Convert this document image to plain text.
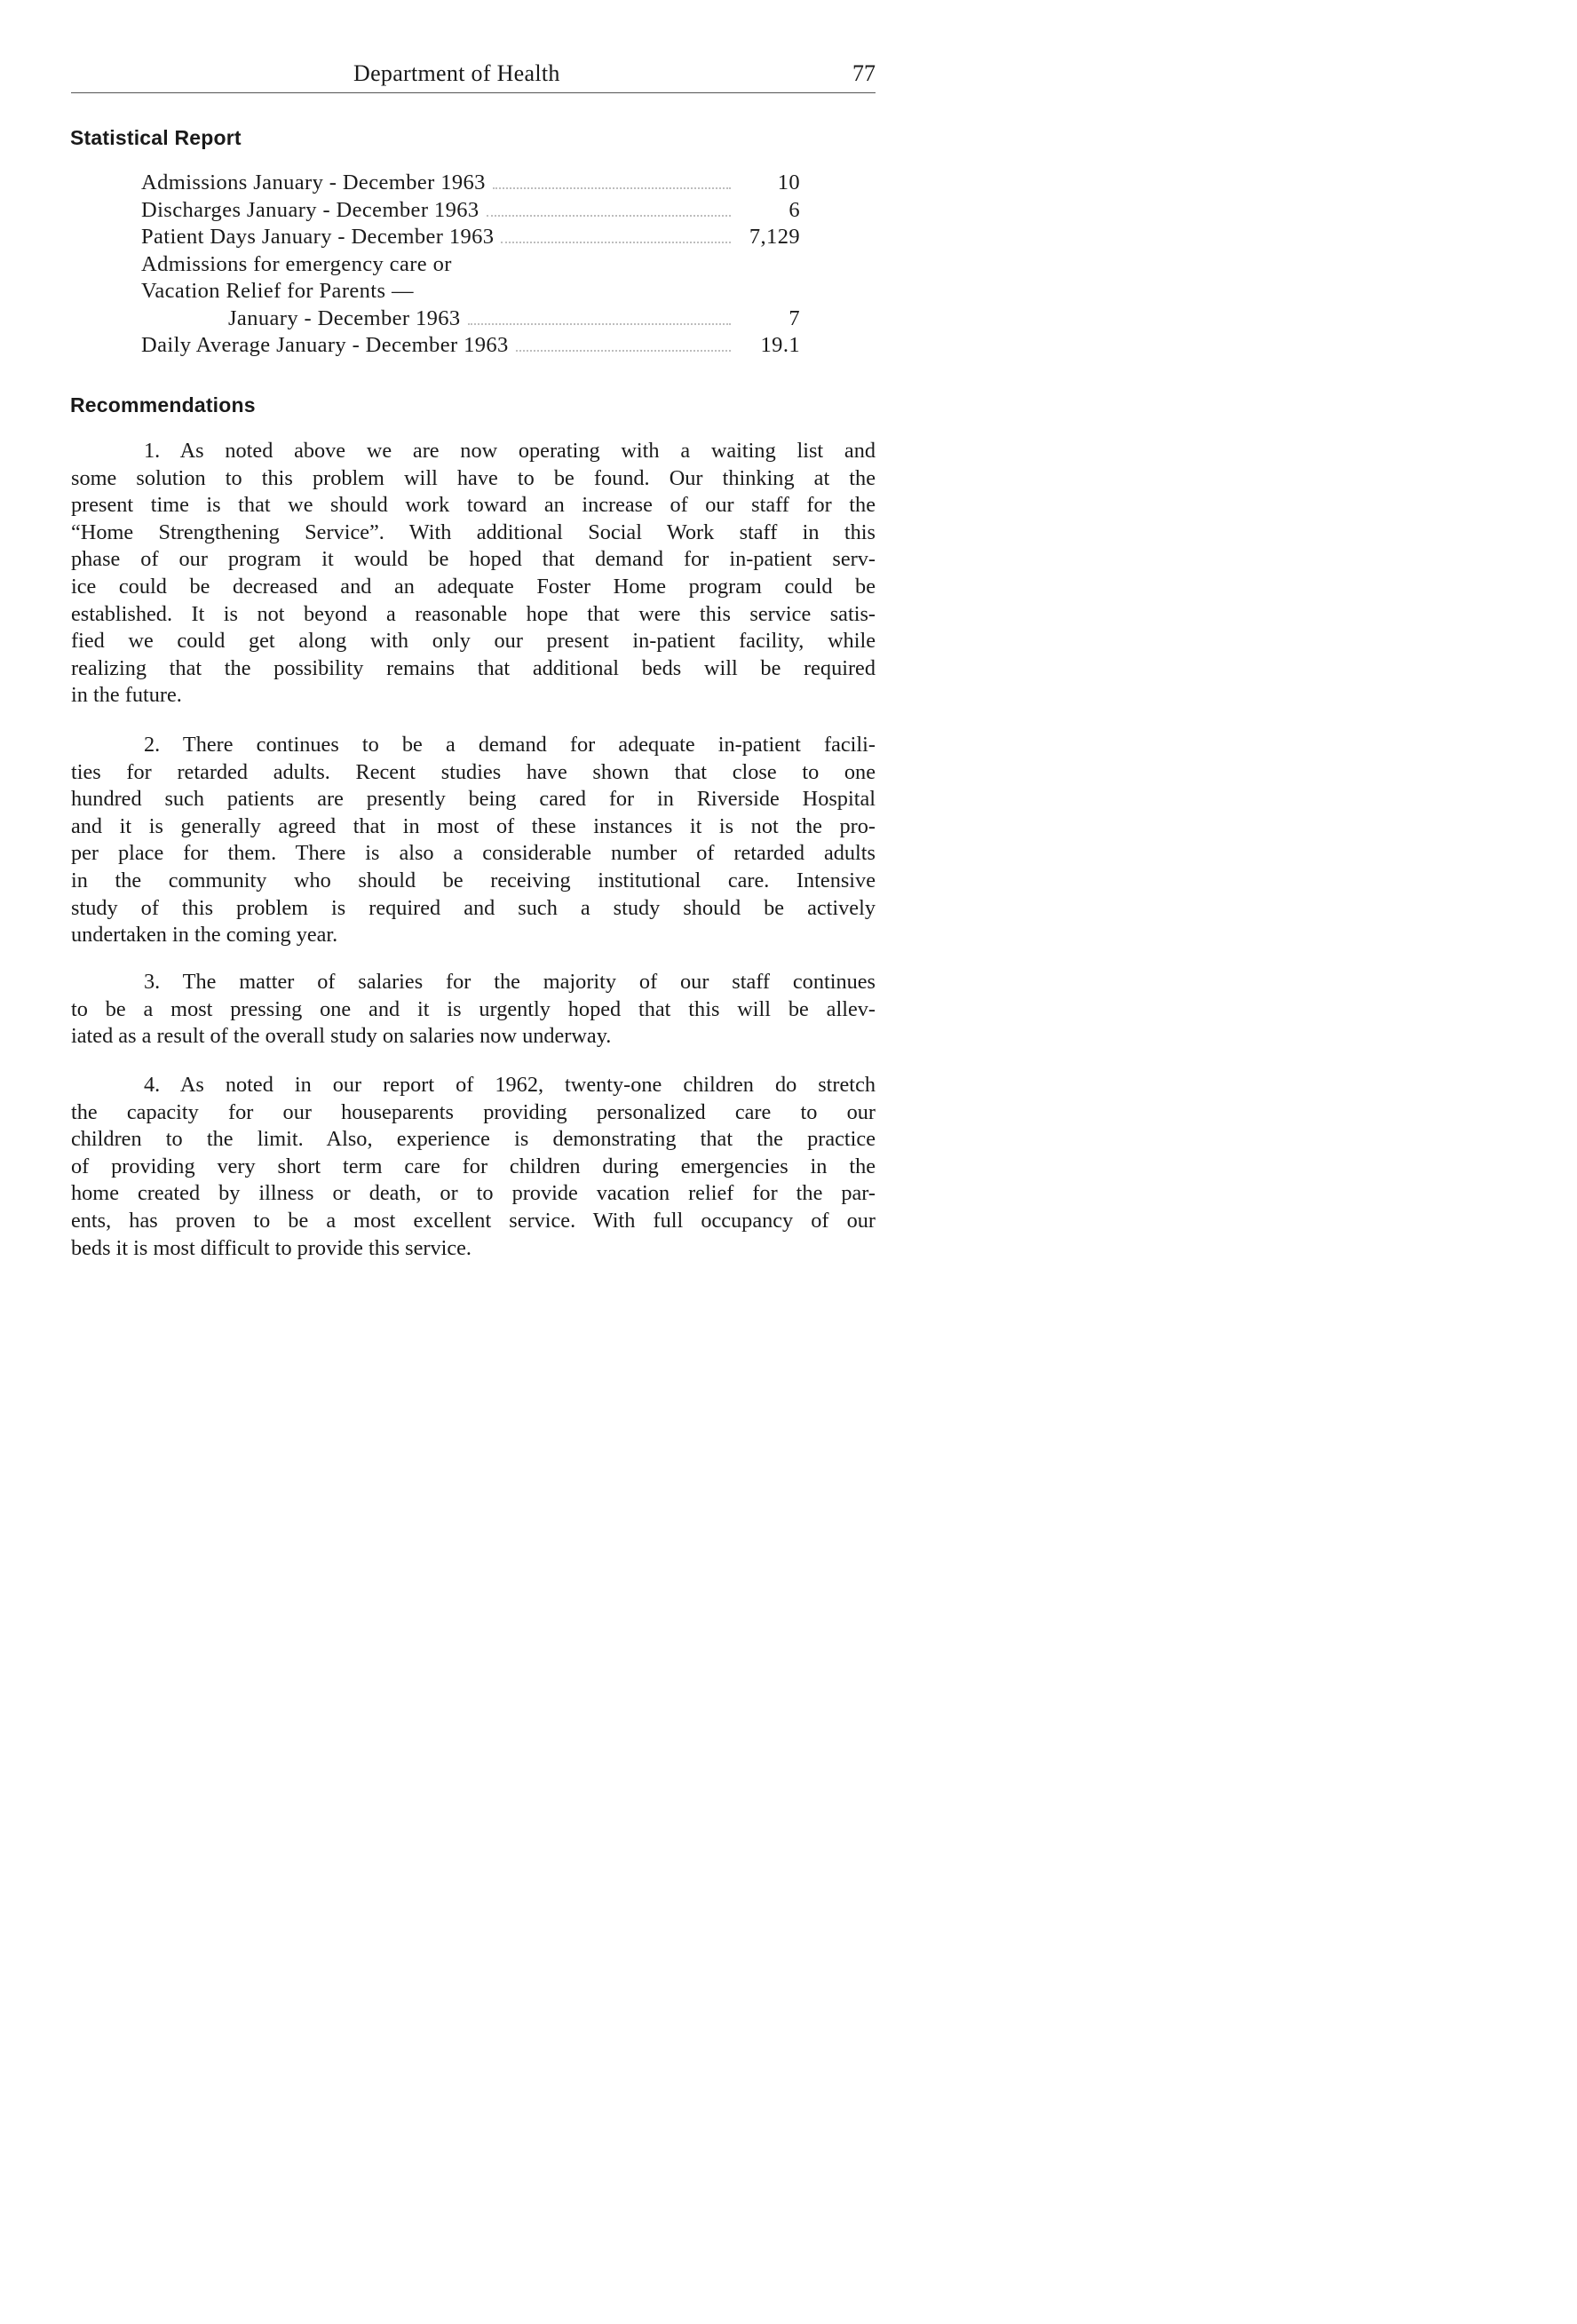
Department of Health	77
Statistical Report
Admissions January - December 1963	10
Discharges January - December 1963	6
Patient Days January - December 1963	7,129
Admissions for emergency care or
Vacation Relief for Parents —
January - December 1963	7
Daily Average January - December 1963	19.1
Recommendations
1. As noted above we are now operating with a waiting list and
some solution to this problem will have to be found. Our thinking at the
present time is that we should work toward an increase of our staff for the
“Home Strengthening Service”. With additional Social Work staff in this
phase of our program it would be hoped that demand for in-patient serv-
ice could be decreased and an adequate Foster Home program could be
established. It is not beyond a reasonable hope that were this service satis-
fied we could get along with only our present in-patient facility, while
realizing that the possibility remains that additional beds will be required
in the future.
2. There continues to be a demand for adequate in-patient facili-
ties for retarded adults. Recent studies have shown that close to one
hundred such patients are presently being cared for in Riverside Hospital
and it is generally agreed that in most of these instances it is not the pro-
per place for them. There is also a considerable number of retarded adults
in the community who should be receiving institutional care. Intensive
study of this problem is required and such a study should be actively
undertaken in the coming year.
3. The matter of salaries for the majority of our staff continues
to be a most pressing one and it is urgently hoped that this will be allev-
iated as a result of the overall study on salaries now underway.
4. As noted in our report of 1962, twenty-one children do stretch
the capacity for our houseparents providing personalized care to our
children to the limit. Also, experience is demonstrating that the practice
of providing very short term care for children during emergencies in the
home created by illness or death, or to provide vacation relief for the par-
ents, has proven to be a most excellent service. With full occupancy of our
beds it is most difficult to provide this service.
